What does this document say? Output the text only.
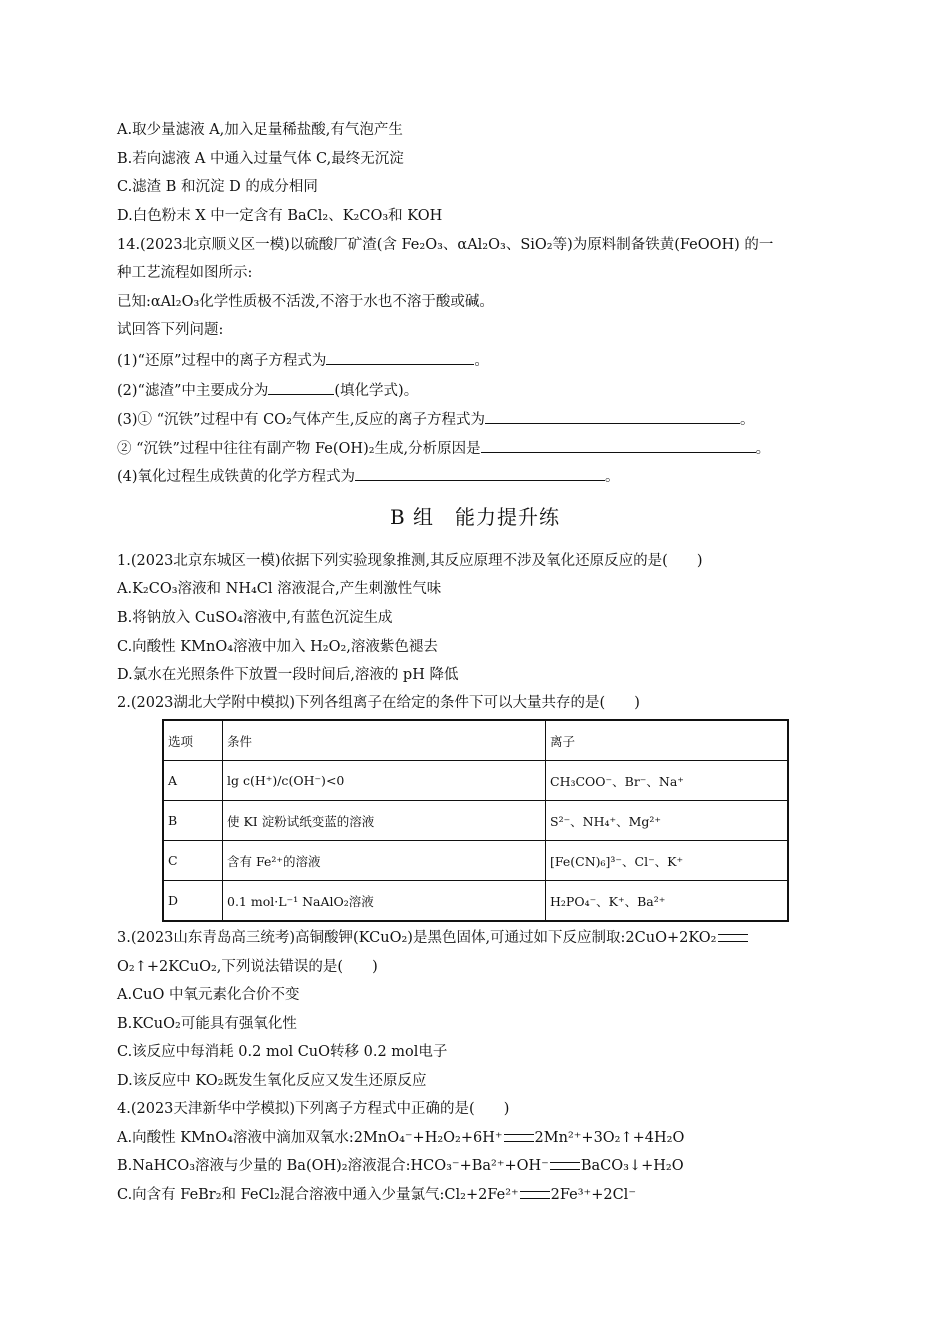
A.取少量滤液 A,加入足量稀盐酸,有气泡产生
B.若向滤液 A 中通入过量气体 C,最终无沉淀
C.滤渣 B 和沉淀 D 的成分相同
D.白色粉末 X 中一定含有 BaCl₂、K₂CO₃和 KOH
14.(2023北京顺义区一模)以硫酸厂矿渣(含 Fe₂O₃、αAl₂O₃、SiO₂等)为原料制备铁黄(FeOOH) 的一
种工艺流程如图所示:
已知:αAl₂O₃化学性质极不活泼,不溶于水也不溶于酸或碱。
试回答下列问题:
(1)“还原”过程中的离子方程式为	。
(2)“滤渣”中主要成分为	(填化学式)。
(3)① “沉铁”过程中有 CO₂气体产生,反应的离子方程式为	。
② “沉铁”过程中往往有副产物 Fe(OH)₂生成,分析原因是	。
(4)氧化过程生成铁黄的化学方程式为	。
B 组　能力提升练
1.(2023北京东城区一模)依据下列实验现象推测,其反应原理不涉及氧化还原反应的是(　　)
A.K₂CO₃溶液和 NH₄Cl 溶液混合,产生刺激性气味
B.将钠放入 CuSO₄溶液中,有蓝色沉淀生成
C.向酸性 KMnO₄溶液中加入 H₂O₂,溶液紫色褪去
D.氯水在光照条件下放置一段时间后,溶液的 pH 降低
2.(2023湖北大学附中模拟)下列各组离子在给定的条件下可以大量共存的是(　　)
选项	条件	离子
A	lg c(H⁺)/c(OH⁻)<0	CH₃COO⁻、Br⁻、Na⁺
B	使 KI 淀粉试纸变蓝的溶液	S²⁻、NH₄⁺、Mg²⁺
C	含有 Fe²⁺的溶液	[Fe(CN)₆]³⁻、Cl⁻、K⁺
D	0.1 mol·L⁻¹ NaAlO₂溶液	H₂PO₄⁻、K⁺、Ba²⁺
3.(2023山东青岛高三统考)高铜酸钾(KCuO₂)是黑色固体,可通过如下反应制取:2CuO+2KO₂
O₂↑+2KCuO₂,下列说法错误的是(　　)
A.CuO 中氧元素化合价不变
B.KCuO₂可能具有强氧化性
C.该反应中每消耗 0.2 mol CuO转移 0.2 mol电子
D.该反应中 KO₂既发生氧化反应又发生还原反应
4.(2023天津新华中学模拟)下列离子方程式中正确的是(　　)
A.向酸性 KMnO₄溶液中滴加双氧水:2MnO₄⁻+H₂O₂+6H⁺ 2Mn²⁺+3O₂↑+4H₂O
B.NaHCO₃溶液与少量的 Ba(OH)₂溶液混合:HCO₃⁻+Ba²⁺+OH⁻ BaCO₃↓+H₂O
C.向含有 FeBr₂和 FeCl₂混合溶液中通入少量氯气:Cl₂+2Fe²⁺ 2Fe³⁺+2Cl⁻
